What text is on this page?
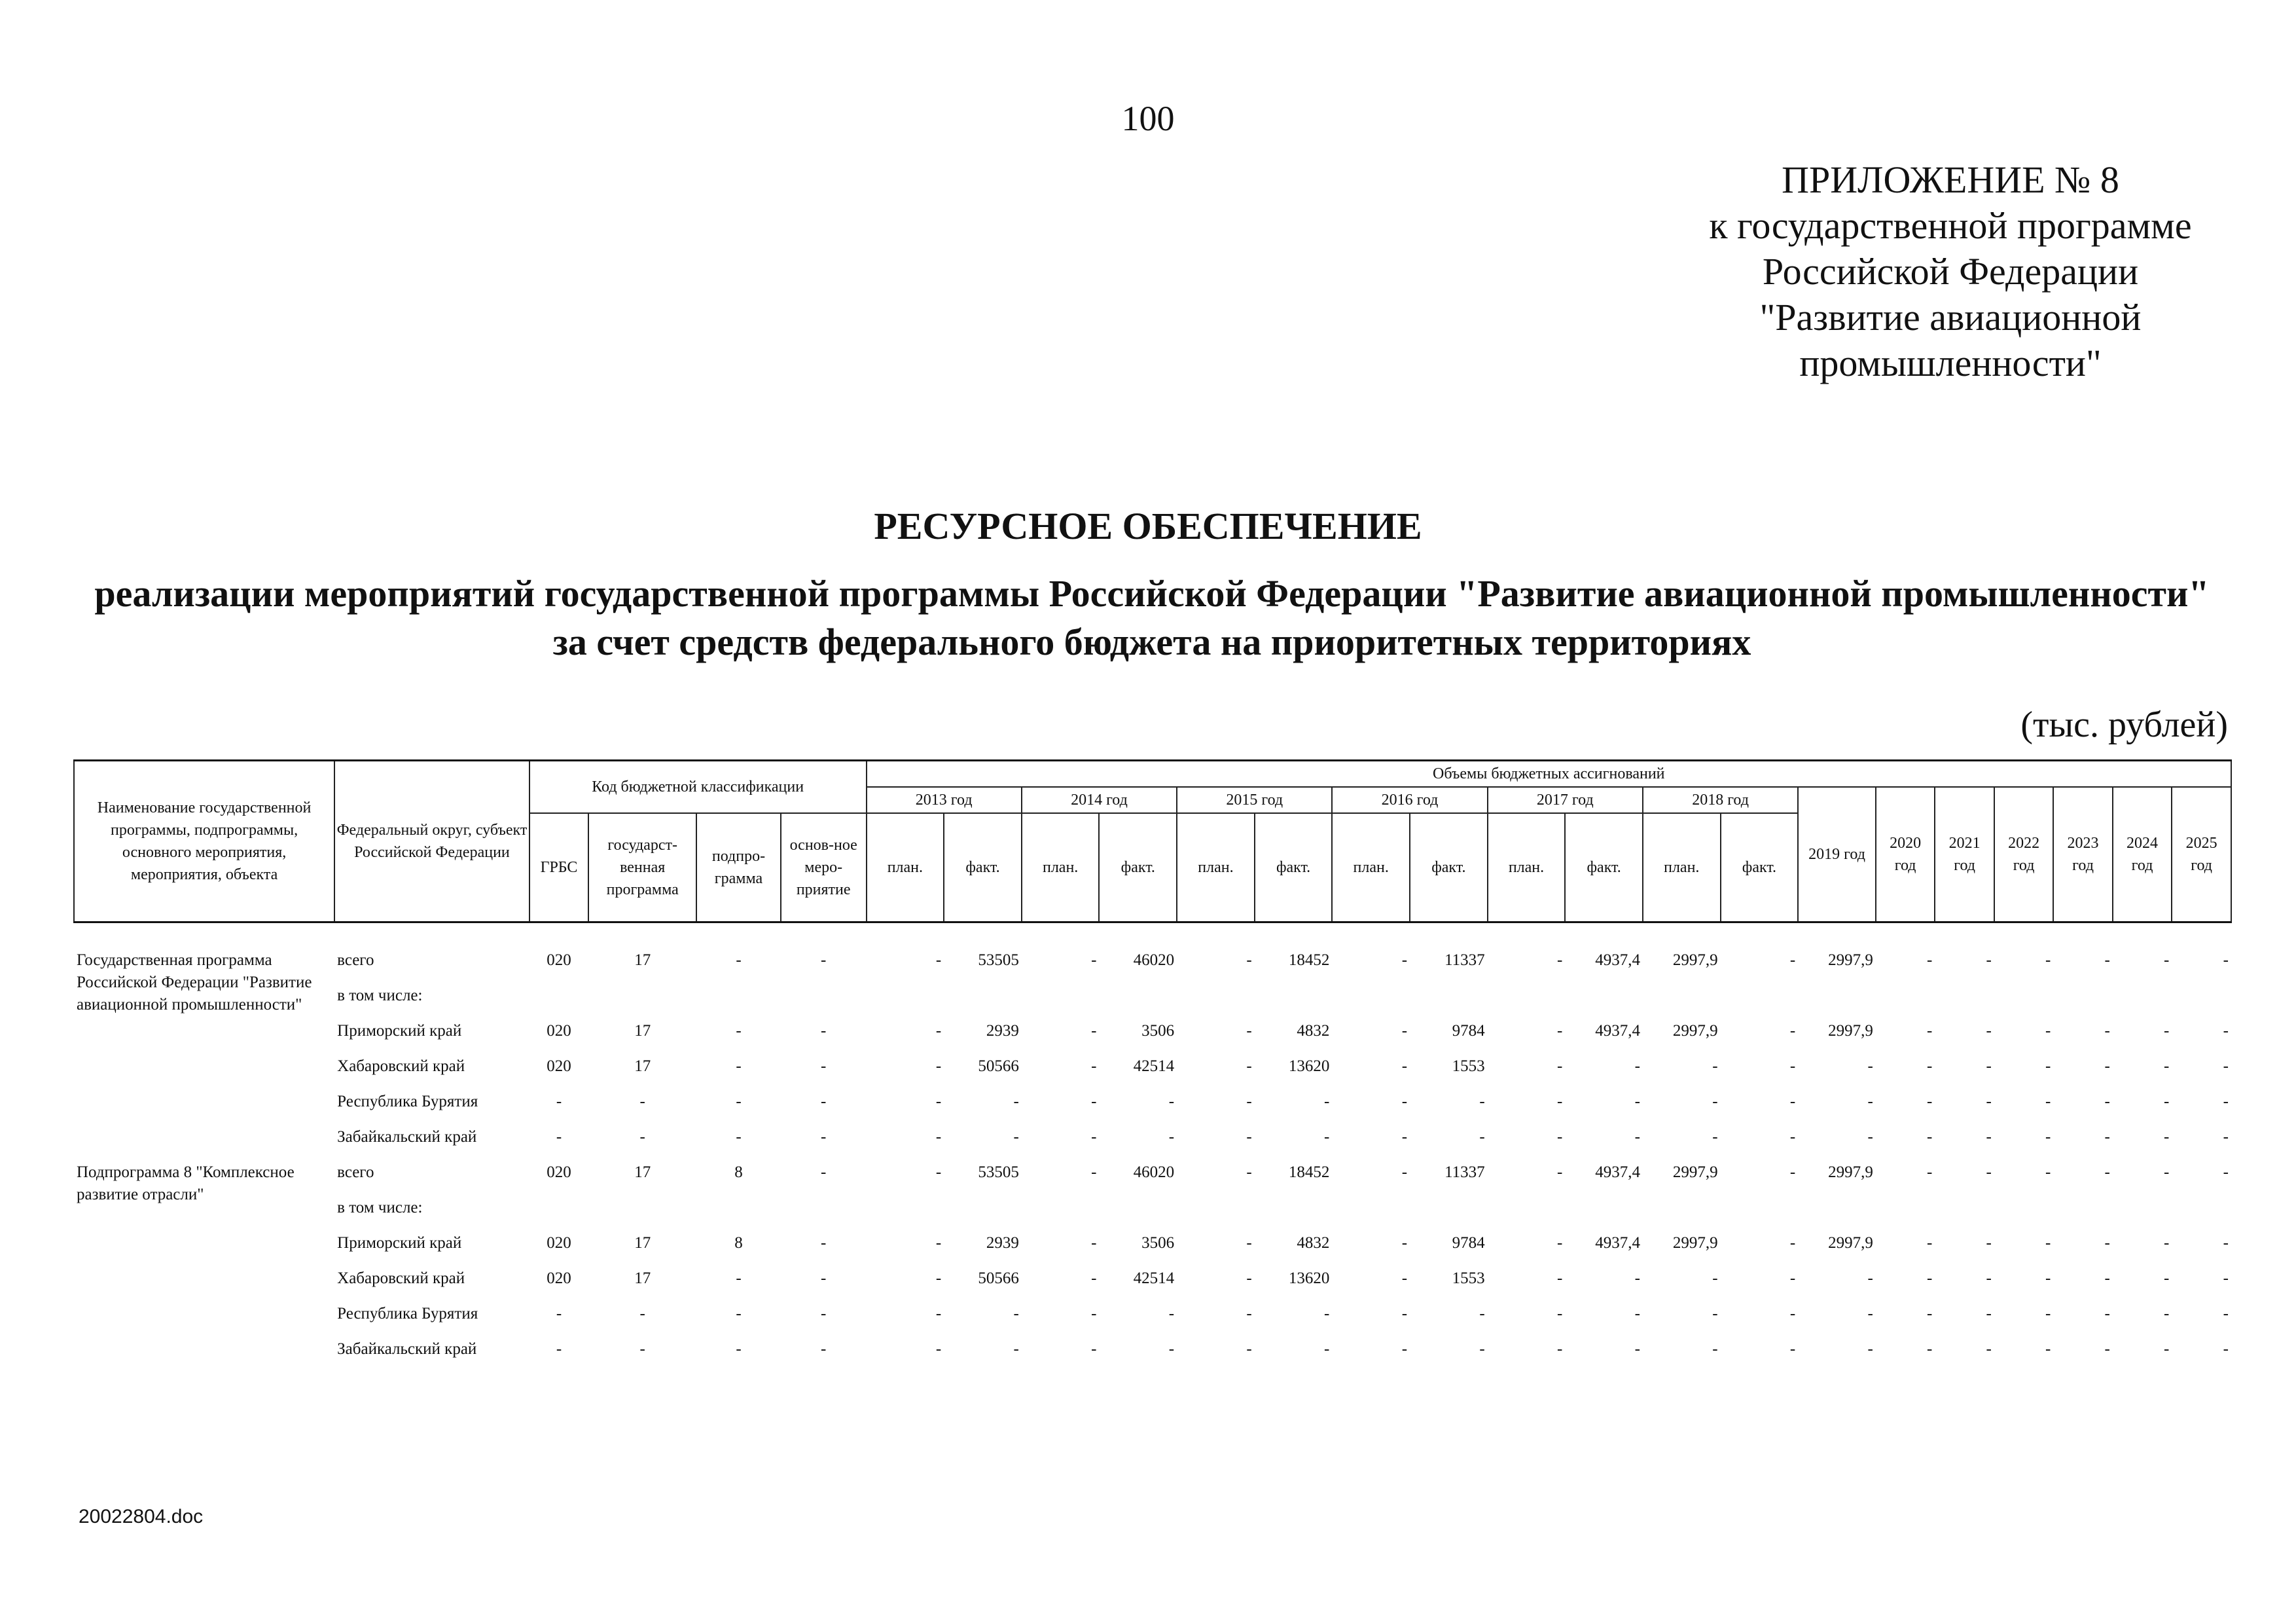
100
ПРИЛОЖЕНИЕ № 8
к государственной программе
Российской Федерации
"Развитие авиационной
промышленности"
РЕСУРСНОЕ ОБЕСПЕЧЕНИЕ
реализации мероприятий государственной программы Российской Федерации "Развитие авиационной промышленности"
за счет средств федерального бюджета на приоритетных территориях
(тыс. рублей)
Наименование государственной программы, подпрограммы, основного мероприятия, мероприятия, объекта	Федеральный округ, субъект Российской Федерации	Код бюджетной классификации				Объемы бюджетных ассигнований																		
						2013 год		2014 год		2015 год		2016 год		2017 год		2018 год		2019 год	2020 год	2021 год	2022 год	2023 год	2024 год	2025 год
		ГРБС	государст-венная программа	подпро-грамма	основ-ное меро-приятие	план.	факт.	план.	факт.	план.	факт.	план.	факт.	план.	факт.	план.	факт.							

Государственная программа Российской Федерации "Развитие авиационной промышленности"	всего	020	17	-	-	-	53505	-	46020	-	18452	-	11337	-	4937,4	2997,9	-	2997,9	-	-	-	-	-	-
	в том числе:																							
	Приморский край	020	17	-	-	-	2939	-	3506	-	4832	-	9784	-	4937,4	2997,9	-	2997,9	-	-	-	-	-	-
	Хабаровский край	020	17	-	-	-	50566	-	42514	-	13620	-	1553	-	-	-	-	-	-	-	-	-	-	-
	Республика Бурятия	-	-	-	-	-	-	-	-	-	-	-	-	-	-	-	-	-	-	-	-	-	-	-
	Забайкальский край	-	-	-	-	-	-	-	-	-	-	-	-	-	-	-	-	-	-	-	-	-	-	-
Подпрограмма 8 "Комплексное развитие отрасли"	всего	020	17	8	-	-	53505	-	46020	-	18452	-	11337	-	4937,4	2997,9	-	2997,9	-	-	-	-	-	-
	в том числе:																							
	Приморский край	020	17	8	-	-	2939	-	3506	-	4832	-	9784	-	4937,4	2997,9	-	2997,9	-	-	-	-	-	-
	Хабаровский край	020	17	-	-	-	50566	-	42514	-	13620	-	1553	-	-	-	-	-	-	-	-	-	-	-
	Республика Бурятия	-	-	-	-	-	-	-	-	-	-	-	-	-	-	-	-	-	-	-	-	-	-	-
	Забайкальский край	-	-	-	-	-	-	-	-	-	-	-	-	-	-	-	-	-	-	-	-	-	-	-
20022804.doc
